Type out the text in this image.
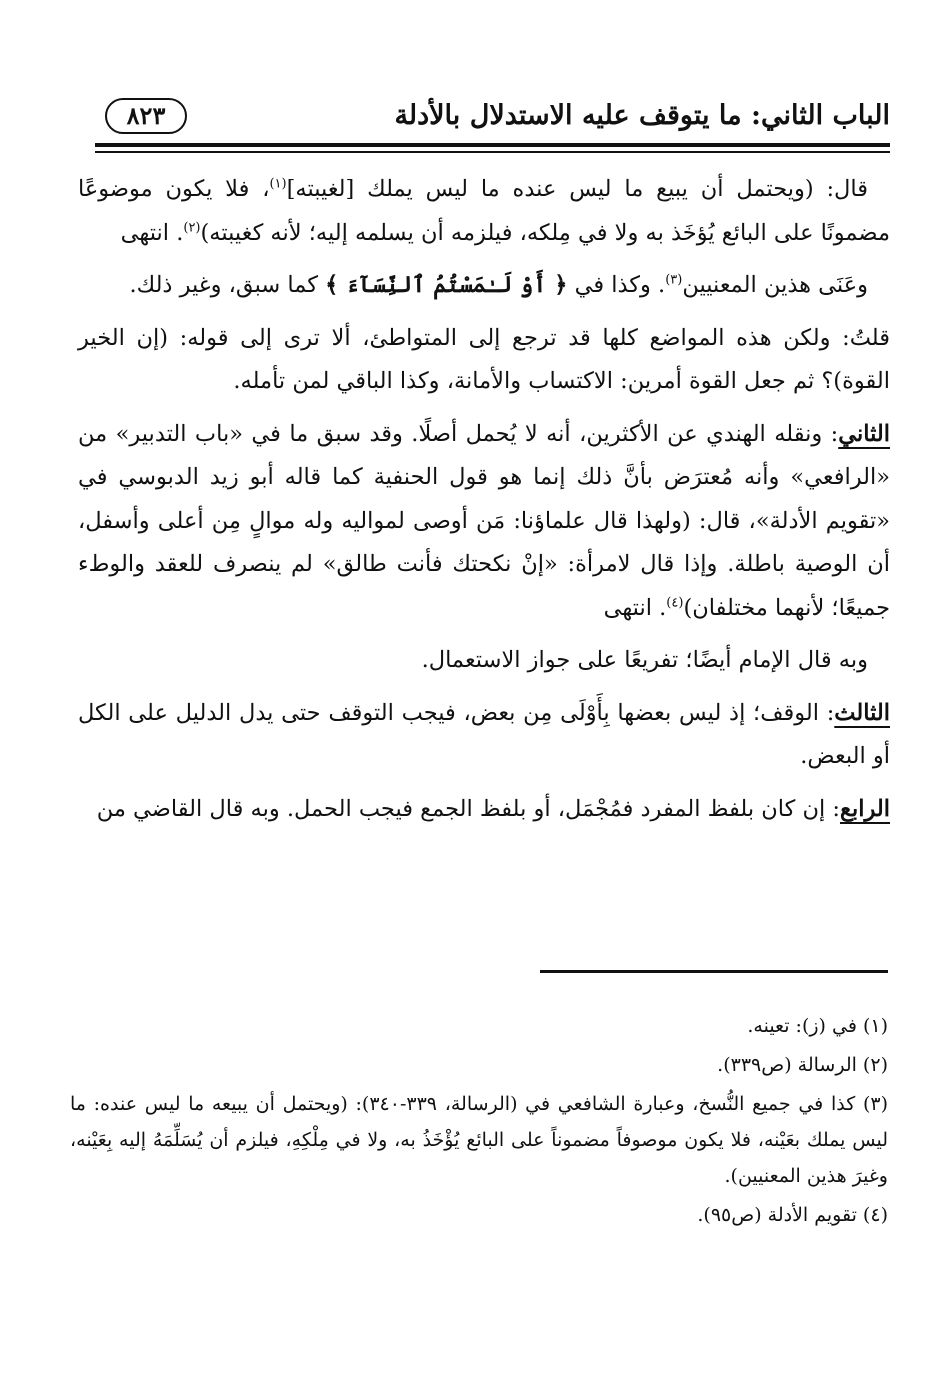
الباب الثاني: ما يتوقف عليه الاستدلال بالأدلة
٨٢٣

قال: (ويحتمل أن يبيع ما ليس عنده ما ليس يملك [لغيبته]$^{(١)}$، فلا يكون موضوعًا مضمونًا على البائع يُؤخَذ به ولا في مِلكه، فيلزمه أن يسلمه إليه؛ لأنه كغيبته)$^{(٢)}$. انتهى

وعَنَى هذين المعنيين$^{(٣)}$. وكذا في ﴿ أَوْ لَـٰمَسْتُمُ ٱلنِّسَآءَ ﴾ كما سبق، وغير ذلك.

قلتُ: ولكن هذه المواضع كلها قد ترجع إلى المتواطئ، ألا ترى إلى قوله: (إن الخير القوة)؟ ثم جعل القوة أمرين: الاكتساب والأمانة، وكذا الباقي لمن تأمله.

الثاني: ونقله الهندي عن الأكثرين، أنه لا يُحمل أصلًا. وقد سبق ما في «باب التدبير» من «الرافعي» وأنه مُعترَض بأنَّ ذلك إنما هو قول الحنفية كما قاله أبو زيد الدبوسي في «تقويم الأدلة»، قال: (ولهذا قال علماؤنا: مَن أوصى لمواليه وله موالٍ مِن أعلى وأسفل، أن الوصية باطلة. وإذا قال لامرأة: «إنْ نكحتك فأنت طالق» لم ينصرف للعقد والوطء جميعًا؛ لأنهما مختلفان)$^{(٤)}$. انتهى

وبه قال الإمام أيضًا؛ تفريعًا على جواز الاستعمال.

الثالث: الوقف؛ إذ ليس بعضها بِأَوْلَى مِن بعض، فيجب التوقف حتى يدل الدليل على الكل أو البعض.

الرابع: إن كان بلفظ المفرد فمُجْمَل، أو بلفظ الجمع فيجب الحمل. وبه قال القاضي من

(١) في (ز): تعينه.

(٢) الرسالة (ص٣٣٩).

(٣) كذا في جميع النُّسخ، وعبارة الشافعي في (الرسالة، ٣٣٩-٣٤٠): (ويحتمل أن يبيعه ما ليس عنده: ما ليس يملك بعَيْنه، فلا يكون موصوفاً مضموناً على البائع يُؤْخَذُ به، ولا في مِلْكِهِ، فيلزم أن يُسَلِّمَهُ إليه بِعَيْنه، وغيرَ هذين المعنيين).

(٤) تقويم الأدلة (ص٩٥).
